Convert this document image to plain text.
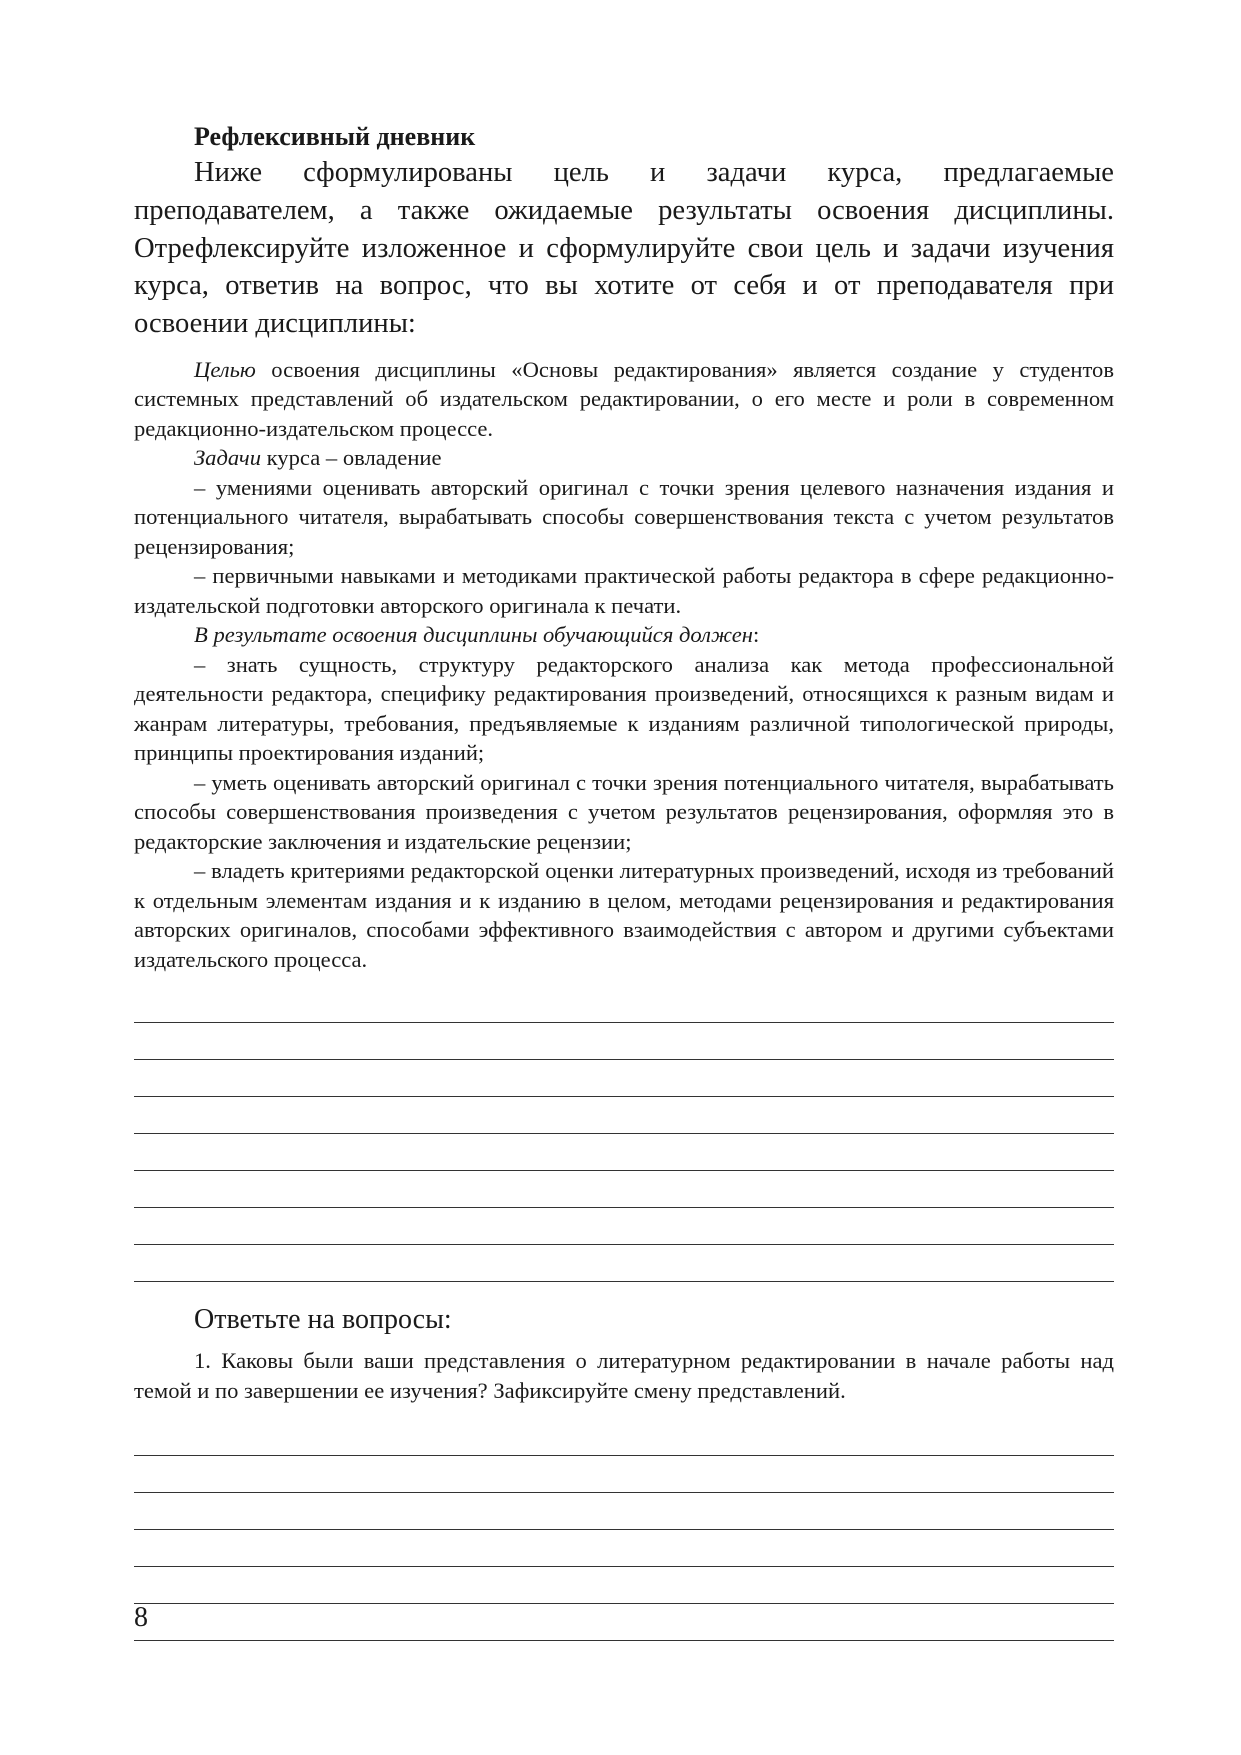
Рефлексивный дневник

Ниже сформулированы цель и задачи курса, предлагаемые преподавателем, а также ожидаемые результаты освоения дисциплины. Отрефлексируйте изложенное и сформулируйте свои цель и задачи изучения курса, ответив на вопрос, что вы хотите от себя и от преподавателя при освоении дисциплины:

Целью освоения дисциплины «Основы редактирования» является создание у студентов системных представлений об издательском редактировании, о его месте и роли в современном редакционно-издательском процессе.

Задачи курса – овладение

– умениями оценивать авторский оригинал с точки зрения целевого назначения издания и потенциального читателя, вырабатывать способы совершенствования текста с учетом результатов рецензирования;

– первичными навыками и методиками практической работы редактора в сфере редакционно-издательской подготовки авторского оригинала к печати.

В результате освоения дисциплины обучающийся должен:

– знать сущность, структуру редакторского анализа как метода профессиональной деятельности редактора, специфику редактирования произведений, относящихся к разным видам и жанрам литературы, требования, предъявляемые к изданиям различной типологической природы, принципы проектирования изданий;

– уметь оценивать авторский оригинал с точки зрения потенциального читателя, вырабатывать способы совершенствования произведения с учетом результатов рецензирования, оформляя это в редакторские заключения и издательские рецензии;

– владеть критериями редакторской оценки литературных произведений, исходя из требований к отдельным элементам издания и к изданию в целом, методами рецензирования и редактирования авторских оригиналов, способами эффективного взаимодействия с автором и другими субъектами издательского процесса.

Ответьте на вопросы:

1. Каковы были ваши представления о литературном редактировании в начале работы над темой и по завершении ее изучения? Зафиксируйте смену представлений.

8
